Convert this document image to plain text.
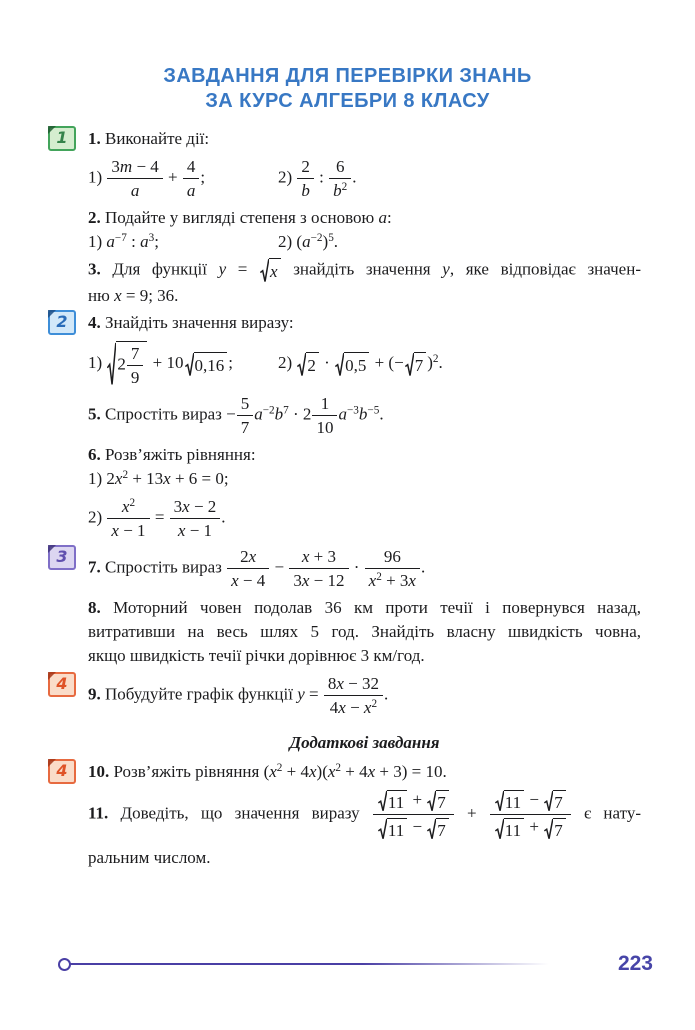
ЗАВДАННЯ ДЛЯ ПЕРЕВІРКИ ЗНАНЬ
ЗА КУРС АЛГЕБРИ 8 КЛАСУ
1	1. Виконайте дії:
$1) \frac{3m - 4}{a} + \frac{4}{a}$ ;	$2) \frac{2}{b}$ : $\frac{6}{b^2}$ .
2. Подайте у вигляді степеня з основою a:
1) $a^{-7}$ : $a^3$;	2) $(a^{-2})^5$.
3. Для функції y = x знайдіть значення y, яке відповідає значен-
ню x = 9; 36.
2	4. Знайдіть значення виразу:
1) $2 \frac{7}{9} + 10$ 0,16 ;	2) 2 · 0,5 + (− 7 )$^2$.
5. Спростіть вираз − $\frac{5}{7} a^{-2}b^7 \cdot 2 \frac{1}{10} a^{-3}b^{-5}$.
6. Розв’яжіть рівняння:
1) $2x^2 + 13x + 6 = 0$;
$2) \frac{x^2}{x - 1} = \frac{3x - 2}{x - 1}$ .
3
7. Спростіть вираз $\frac{2x}{x - 4} - \frac{x + 3}{3x - 12} \cdot \frac{96}{x^2 + 3x}$ .
8. Моторний човен подолав 36 км проти течії і повернувся назад,
витративши на весь шлях 5 год. Знайдіть власну швидкість човна,
якщо швидкість течії річки дорівнює 3 км/год.
4
9. Побудуйте графік функції $y = \frac{8x - 32}{4x - x^2}$ .
Додаткові завдання
4	10. Розв’яжіть рівняння $(x^2 + 4x)(x^2 + 4x + 3) = 10$.
11. Доведіть, що значення виразу $\frac{11 + 7}{11 - 7} + \frac{11 - 7}{11 + 7}$ є нату-
ральним числом.
223
